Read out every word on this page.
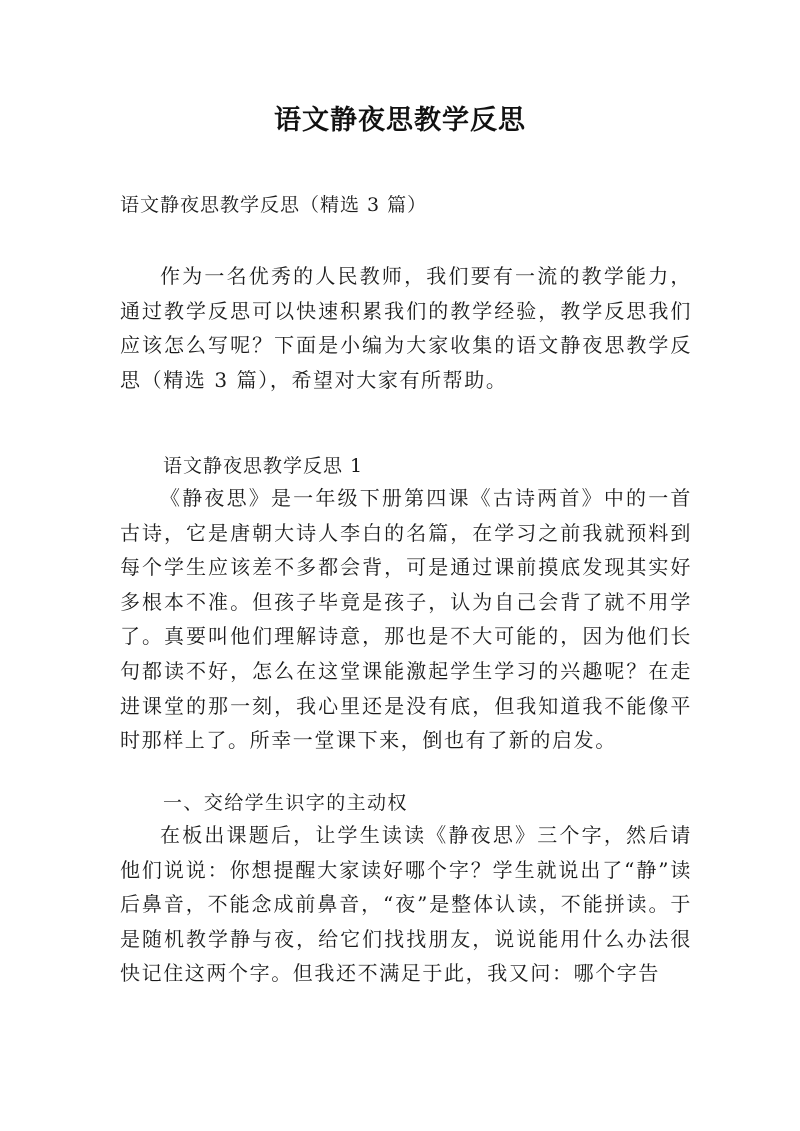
语文静夜思教学反思
语文静夜思教学反思（精选 3 篇）

作为一名优秀的人民教师，我们要有一流的教学能力，通过教学反思可以快速积累我们的教学经验，教学反思我们应该怎么写呢？下面是小编为大家收集的语文静夜思教学反思（精选 3 篇），希望对大家有所帮助。

语文静夜思教学反思 1

《静夜思》是一年级下册第四课《古诗两首》中的一首古诗，它是唐朝大诗人李白的名篇，在学习之前我就预料到每个学生应该差不多都会背，可是通过课前摸底发现其实好多根本不准。但孩子毕竟是孩子，认为自己会背了就不用学了。真要叫他们理解诗意，那也是不大可能的，因为他们长句都读不好，怎么在这堂课能激起学生学习的兴趣呢？在走进课堂的那一刻，我心里还是没有底，但我知道我不能像平时那样上了。所幸一堂课下来，倒也有了新的启发。

一、交给学生识字的主动权

在板出课题后，让学生读读《静夜思》三个字，然后请他们说说：你想提醒大家读好哪个字？学生就说出了“静”读后鼻音，不能念成前鼻音，“夜”是整体认读，不能拼读。于是随机教学静与夜，给它们找找朋友，说说能用什么办法很快记住这两个字。但我还不满足于此，我又问：哪个字告
